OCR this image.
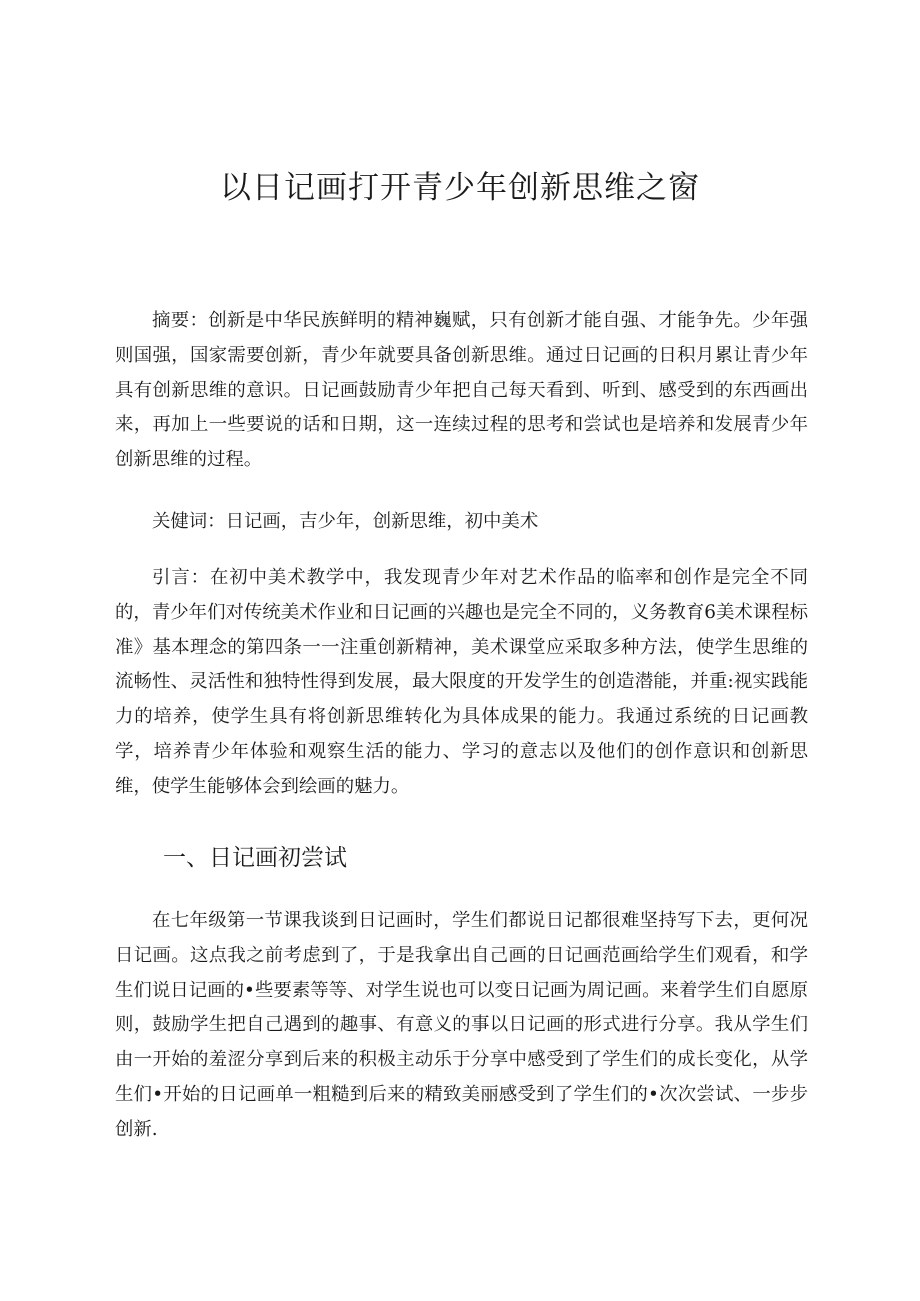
以日记画打开青少年创新思维之窗

摘要：创新是中华民族鲜明的精神巍赋，只有创新才能自强、才能争先。少年强则国强，国家需要创新，青少年就要具备创新思维。通过日记画的日积月累让青少年具有创新思维的意识。日记画鼓励青少年把自己每天看到、听到、感受到的东西画出来，再加上一些要说的话和日期，这一连续过程的思考和尝试也是培养和发展青少年创新思维的过程。

关健词：日记画，吉少年，创新思维，初中美术

引言：在初中美术教学中，我发现青少年对艺术作品的临率和创作是完全不同的，青少年们对传统美术作业和日记画的兴趣也是完全不同的，义务教育6美术课程标准》基本理念的第四条一一注重创新精神，美术课堂应采取多种方法，使学生思维的流畅性、灵活性和独特性得到发展，最大限度的开发学生的创造潜能，并重:视实践能力的培养，使学生具有将创新思维转化为具体成果的能力。我通过系统的日记画教学，培养青少年体验和观察生活的能力、学习的意志以及他们的创作意识和创新思维，使学生能够体会到绘画的魅力。

一、日记画初尝试

在七年级第一节课我谈到日记画时，学生们都说日记都很难坚持写下去，更何况日记画。这点我之前考虑到了，于是我拿出自己画的日记画范画给学生们观看，和学生们说日记画的•些要素等等、对学生说也可以变日记画为周记画。来着学生们自愿原则，鼓励学生把自己遇到的趣事、有意义的事以日记画的形式进行分享。我从学生们由一开始的羞涩分享到后来的积极主动乐于分享中感受到了学生们的成长变化，从学生们•开始的日记画单一粗糙到后来的精致美丽感受到了学生们的•次次尝试、一步步创新.
